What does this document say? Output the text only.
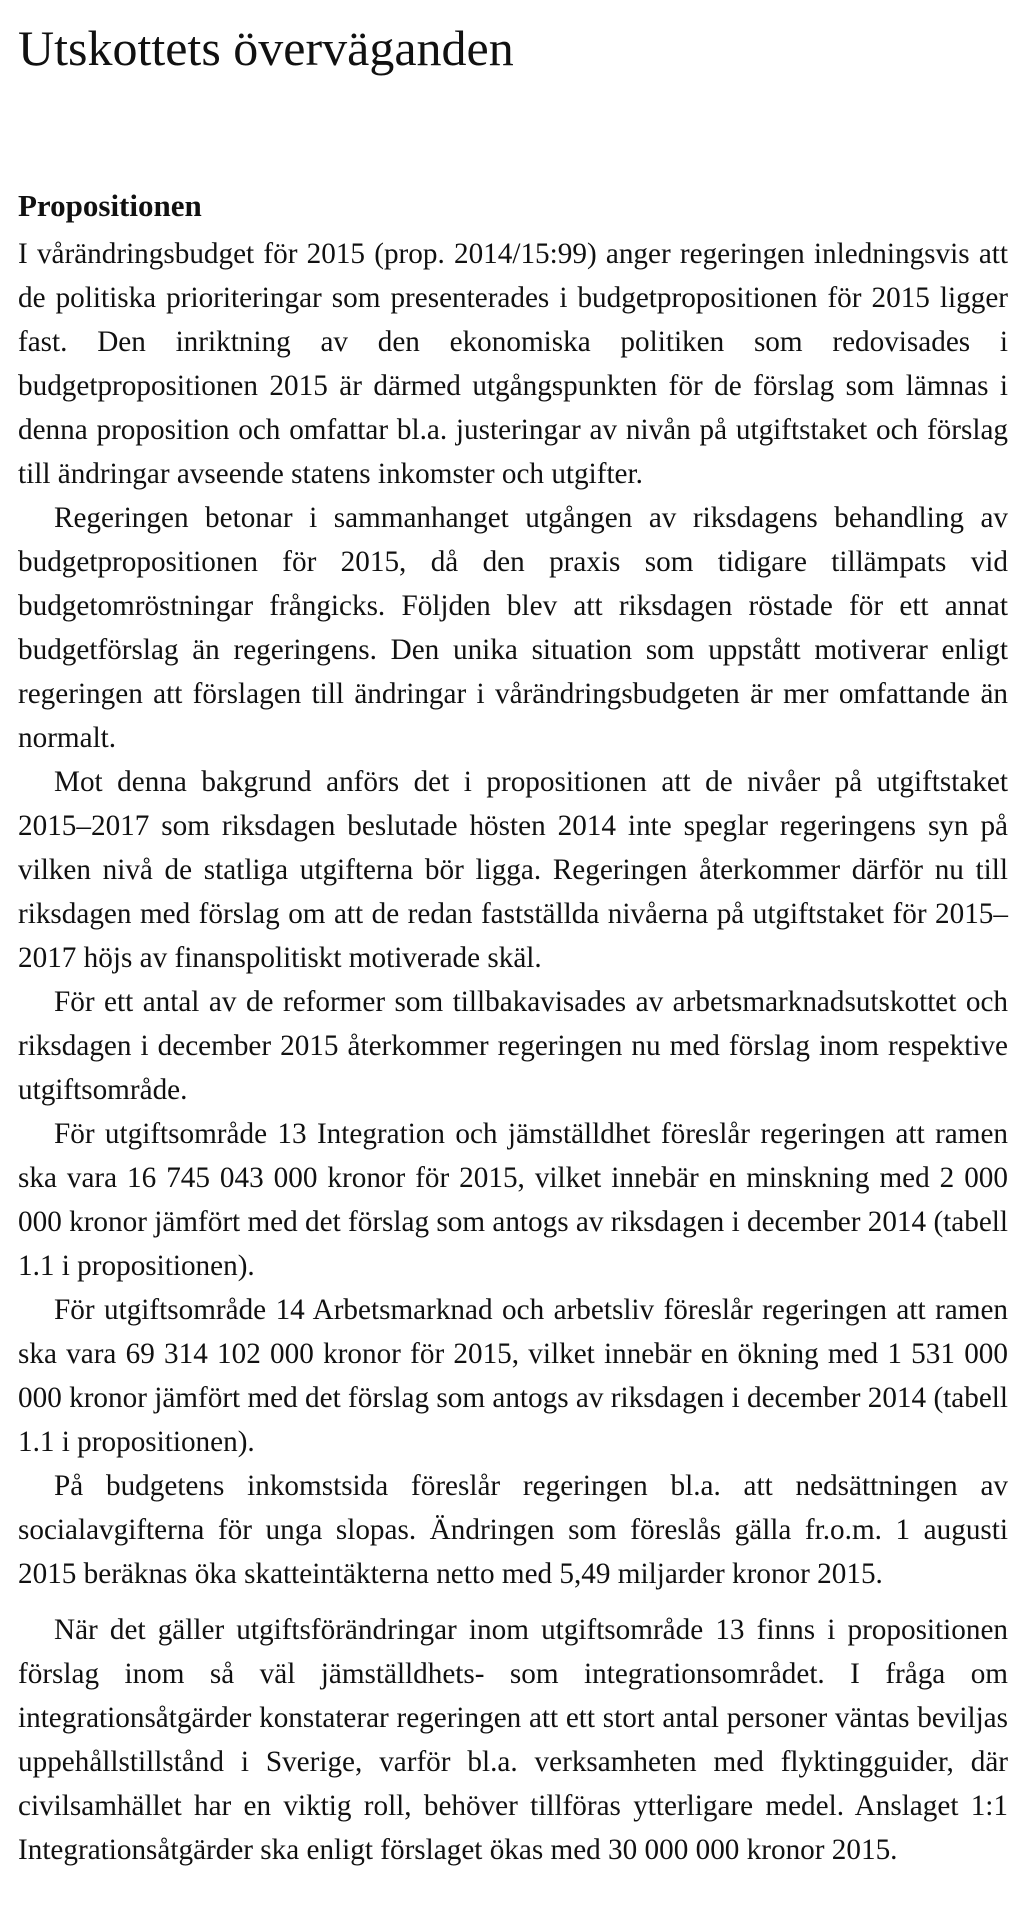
Utskottets överväganden
Propositionen

I vårändringsbudget för 2015 (prop. 2014/15:99) anger regeringen inledningsvis att de politiska prioriteringar som presenterades i budgetpropositionen för 2015 ligger fast. Den inriktning av den ekonomiska politiken som redovisades i budgetpropositionen 2015 är därmed utgångspunkten för de förslag som lämnas i denna proposition och omfattar bl.a. justeringar av nivån på utgiftstaket och förslag till ändringar avseende statens inkomster och utgifter.

Regeringen betonar i sammanhanget utgången av riksdagens behandling av budgetpropositionen för 2015, då den praxis som tidigare tillämpats vid budgetomröstningar frångicks. Följden blev att riksdagen röstade för ett annat budgetförslag än regeringens. Den unika situation som uppstått motiverar enligt regeringen att förslagen till ändringar i vårändringsbudgeten är mer omfattande än normalt.

Mot denna bakgrund anförs det i propositionen att de nivåer på utgiftstaket 2015–2017 som riksdagen beslutade hösten 2014 inte speglar regeringens syn på vilken nivå de statliga utgifterna bör ligga. Regeringen återkommer därför nu till riksdagen med förslag om att de redan fastställda nivåerna på utgiftstaket för 2015–2017 höjs av finanspolitiskt motiverade skäl.

För ett antal av de reformer som tillbakavisades av arbetsmarknadsutskottet och riksdagen i december 2015 återkommer regeringen nu med förslag inom respektive utgiftsområde.

För utgiftsområde 13 Integration och jämställdhet föreslår regeringen att ramen ska vara 16 745 043 000 kronor för 2015, vilket innebär en minskning med 2 000 000 kronor jämfört med det förslag som antogs av riksdagen i december 2014 (tabell 1.1 i propositionen).

För utgiftsområde 14 Arbetsmarknad och arbetsliv föreslår regeringen att ramen ska vara 69 314 102 000 kronor för 2015, vilket innebär en ökning med 1 531 000 000 kronor jämfört med det förslag som antogs av riksdagen i december 2014 (tabell 1.1 i propositionen).

På budgetens inkomstsida föreslår regeringen bl.a. att nedsättningen av socialavgifterna för unga slopas. Ändringen som föreslås gälla fr.o.m. 1 augusti 2015 beräknas öka skatteintäkterna netto med 5,49 miljarder kronor 2015.

När det gäller utgiftsförändringar inom utgiftsområde 13 finns i propositionen förslag inom så väl jämställdhets- som integrationsområdet. I fråga om integrationsåtgärder konstaterar regeringen att ett stort antal personer väntas beviljas uppehållstillstånd i Sverige, varför bl.a. verksamheten med flyktingguider, där civilsamhället har en viktig roll, behöver tillföras ytterligare medel. Anslaget 1:1 Integrationsåtgärder ska enligt förslaget ökas med 30 000 000 kronor 2015.
